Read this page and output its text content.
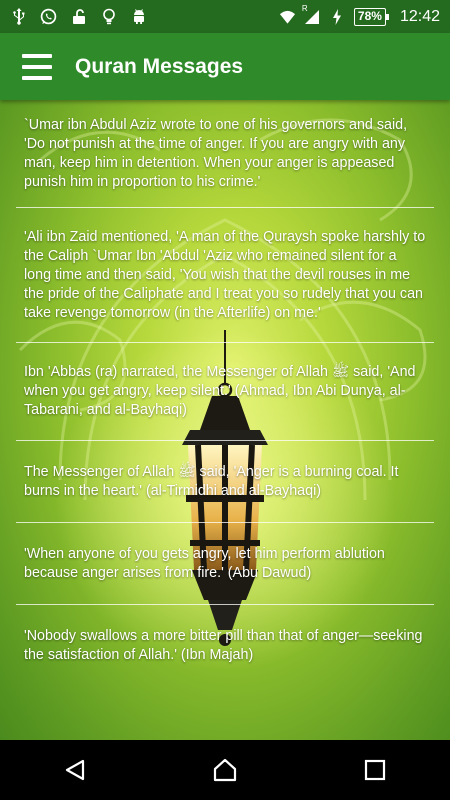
R	78% 12:42
Quran Messages

`Umar ibn Abdul Aziz wrote to one of his governors and said, 'Do not punish at the time of anger. If you are angry with any man, keep him in detention. When your anger is appeased punish him in proportion to his crime.'

'Ali ibn Zaid mentioned, 'A man of the Quraysh spoke harshly to the Caliph `Umar Ibn 'Abdul 'Aziz who remained silent for a long time and then said, 'You wish that the devil rouses in me the pride of the Caliphate and I treat you so rudely that you can take revenge tomorrow (in the Afterlife) on me.'

Ibn 'Abbas (ra) narrated, the Messenger of Allah ﷺ said, 'And when you get angry, keep silent.' (Ahmad, Ibn Abi Dunya, al-Tabarani, and al-Bayhaqi)

The Messenger of Allah ﷺ said, 'Anger is a burning coal. It burns in the heart.' (al-Tirmidhi and al-Bayhaqi)

'When anyone of you gets angry, let him perform ablution because anger arises from fire.' (Abu Dawud)

'Nobody swallows a more bitter pill than that of anger—seeking the satisfaction of Allah.' (Ibn Majah)
